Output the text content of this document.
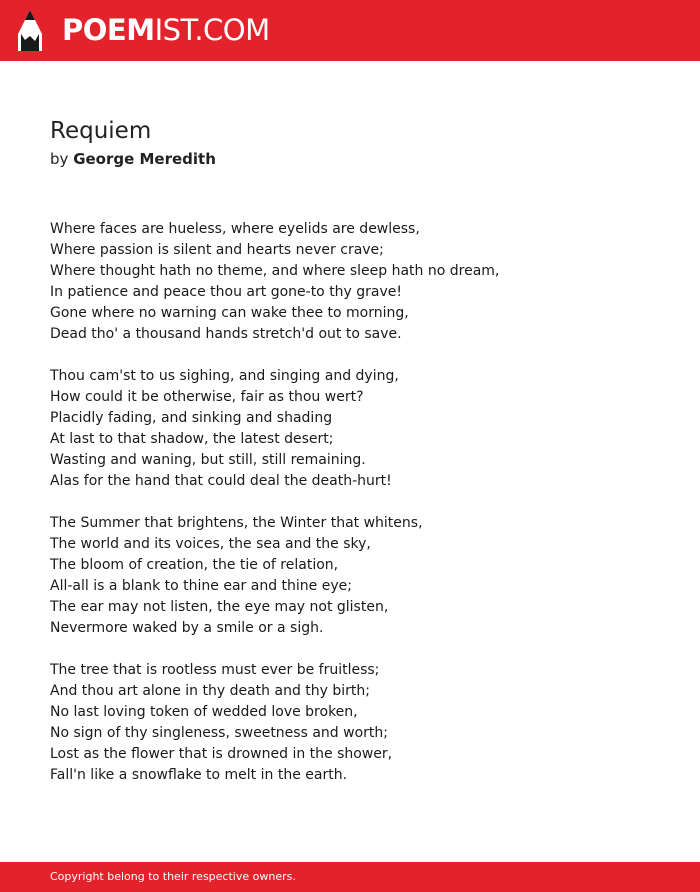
POEMIST.COM
Requiem
by George Meredith
Where faces are hueless, where eyelids are dewless,
Where passion is silent and hearts never crave;
Where thought hath no theme, and where sleep hath no dream,
In patience and peace thou art gone-to thy grave!
Gone where no warning can wake thee to morning,
Dead tho' a thousand hands stretch'd out to save.
Thou cam'st to us sighing, and singing and dying,
How could it be otherwise, fair as thou wert?
Placidly fading, and sinking and shading
At last to that shadow, the latest desert;
Wasting and waning, but still, still remaining.
Alas for the hand that could deal the death-hurt!
The Summer that brightens, the Winter that whitens,
The world and its voices, the sea and the sky,
The bloom of creation, the tie of relation,
All-all is a blank to thine ear and thine eye;
The ear may not listen, the eye may not glisten,
Nevermore waked by a smile or a sigh.
The tree that is rootless must ever be fruitless;
And thou art alone in thy death and thy birth;
No last loving token of wedded love broken,
No sign of thy singleness, sweetness and worth;
Lost as the flower that is drowned in the shower,
Fall'n like a snowflake to melt in the earth.
Copyright belong to their respective owners.
